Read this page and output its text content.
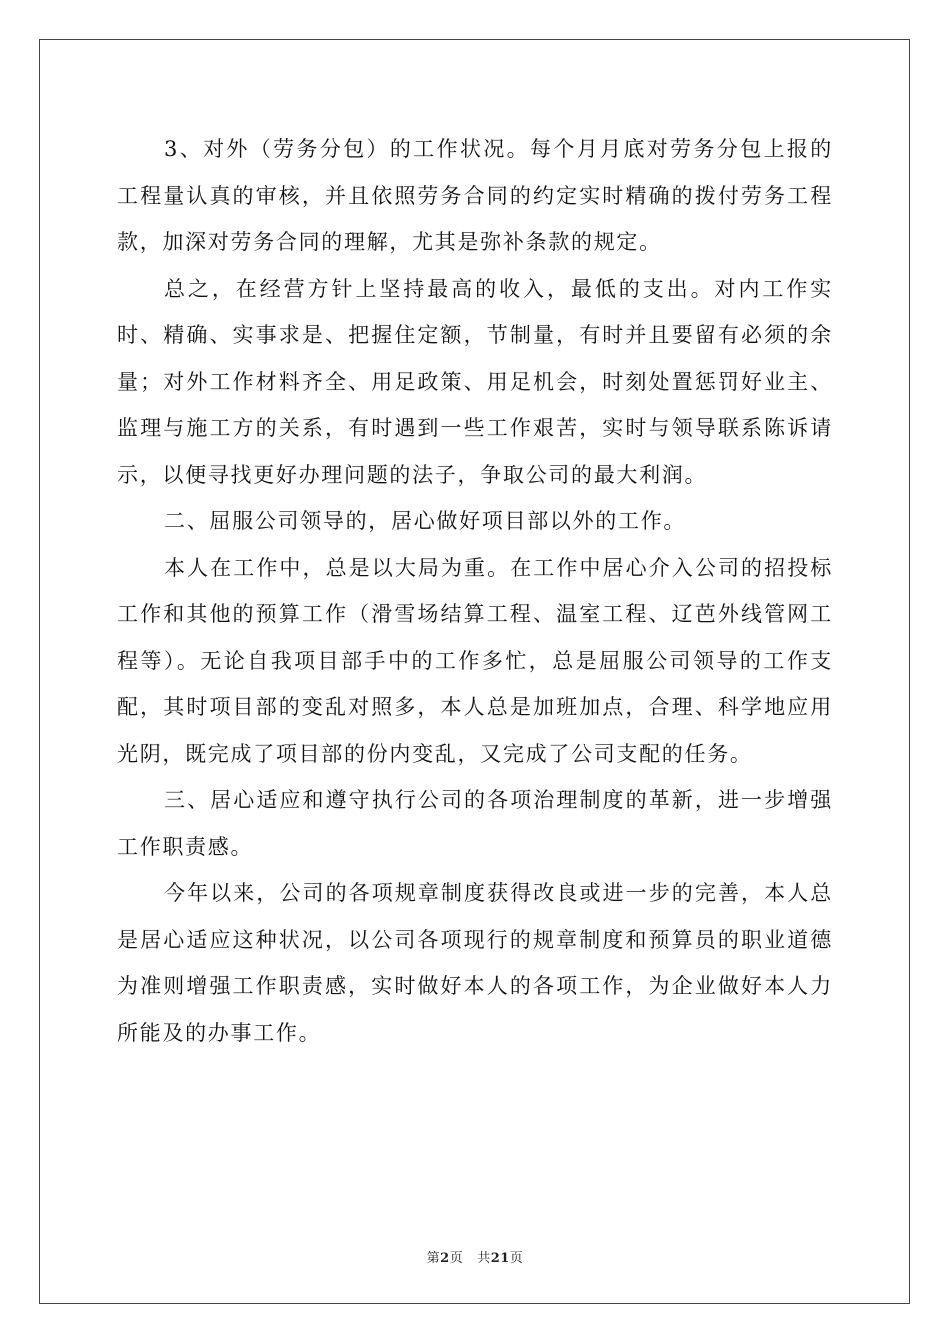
3、对外（劳务分包）的工作状况。每个月月底对劳务分包上报的工程量认真的审核，并且依照劳务合同的约定实时精确的拨付劳务工程款，加深对劳务合同的理解，尤其是弥补条款的规定。

总之，在经营方针上坚持最高的收入，最低的支出。对内工作实时、精确、实事求是、把握住定额，节制量，有时并且要留有必须的余量；对外工作材料齐全、用足政策、用足机会，时刻处置惩罚好业主、监理与施工方的关系，有时遇到一些工作艰苦，实时与领导联系陈诉请示，以便寻找更好办理问题的法子，争取公司的最大利润。

二、屈服公司领导的，居心做好项目部以外的工作。

本人在工作中，总是以大局为重。在工作中居心介入公司的招投标工作和其他的预算工作（滑雪场结算工程、温室工程、辽芭外线管网工程等）。无论自我项目部手中的工作多忙，总是屈服公司领导的工作支配，其时项目部的变乱对照多，本人总是加班加点，合理、科学地应用光阴，既完成了项目部的份内变乱，又完成了公司支配的任务。

三、居心适应和遵守执行公司的各项治理制度的革新，进一步增强工作职责感。

今年以来，公司的各项规章制度获得改良或进一步的完善，本人总是居心适应这种状况，以公司各项现行的规章制度和预算员的职业道德为准则增强工作职责感，实时做好本人的各项工作，为企业做好本人力所能及的办事工作。

第2页 共21页
